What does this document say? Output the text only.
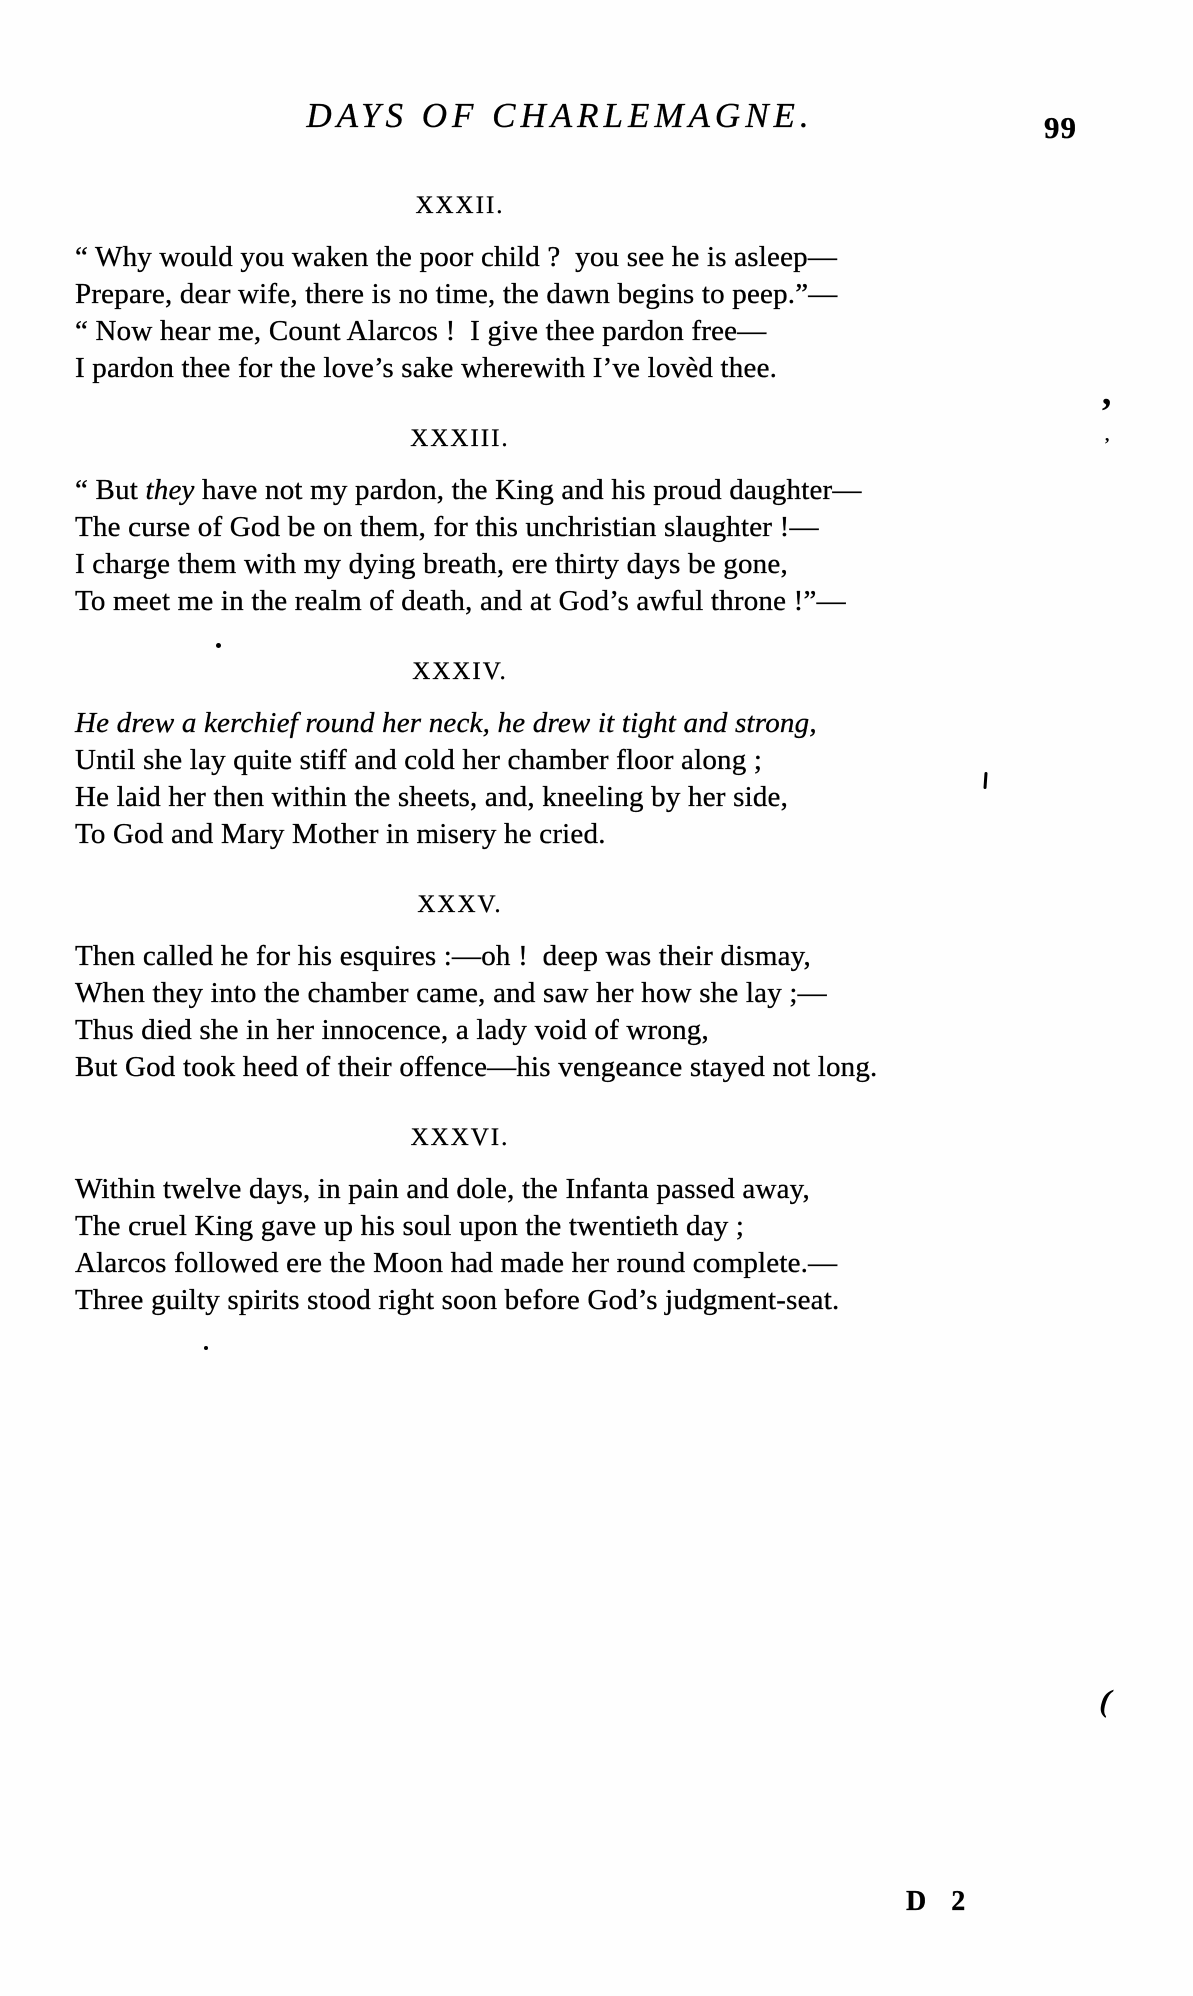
DAYS OF CHARLEMAGNE.	99
XXXII.
“ Why would you waken the poor child ? you see he is asleep—
Prepare, dear wife, there is no time, the dawn begins to peep.”—
“ Now hear me, Count Alarcos ! I give thee pardon free—
I pardon thee for the love’s sake wherewith I’ve lovèd thee.
XXXIII.
“ But they have not my pardon, the King and his proud daughter—
The curse of God be on them, for this unchristian slaughter !—
I charge them with my dying breath, ere thirty days be gone,
To meet me in the realm of death, and at God’s awful throne !”—
XXXIV.
He drew a kerchief round her neck, he drew it tight and strong,
Until she lay quite stiff and cold her chamber floor along ;
He laid her then within the sheets, and, kneeling by her side,
To God and Mary Mother in misery he cried.
XXXV.
Then called he for his esquires :—oh ! deep was their dismay,
When they into the chamber came, and saw her how she lay ;—
Thus died she in her innocence, a lady void of wrong,
But God took heed of their offence—his vengeance stayed not long.
XXXVI.
Within twelve days, in pain and dole, the Infanta passed away,
The cruel King gave up his soul upon the twentieth day ;
Alarcos followed ere the Moon had made her round complete.—
Three guilty spirits stood right soon before God’s judgment-seat.
D 2
’
’
(
